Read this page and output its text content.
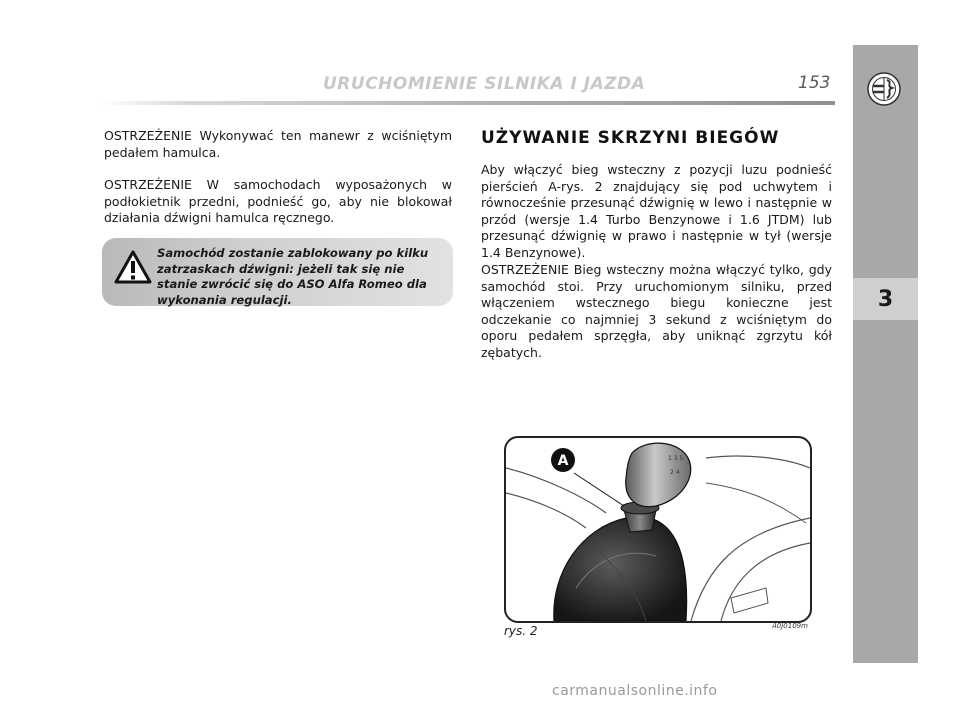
URUCHOMIENIE SILNIKA I JAZDA	153
3

OSTRZEŻENIE Wykonywać ten manewr z wciśniętym pedałem hamulca.

OSTRZEŻENIE W samochodach wyposażonych w podłokietnik przedni, podnieść go, aby nie blokował działania dźwigni hamulca ręcznego.

Samochód zostanie zablokowany po kilku zatrzaskach dźwigni: jeżeli tak się nie stanie zwrócić się do ASO Alfa Romeo dla wykonania regulacji.

UŻYWANIE SKRZYNI BIEGÓW

Aby włączyć bieg wsteczny z pozycji luzu podnieść pierścień A-rys. 2 znajdujący się pod uchwytem i równocześnie przesunąć dźwignię w lewo i następnie w przód (wersje 1.4 Turbo Benzynowe i 1.6 JTDM) lub przesunąć dźwignię w prawo i następnie w tył (wersje 1.4 Benzynowe).

OSTRZEŻENIE Bieg wsteczny można włączyć tylko, gdy samochód stoi. Przy uruchomionym silniku, przed włączeniem wstecznego biegu konieczne jest odczekanie co najmniej 3 sekund z wciśniętym do oporu pedałem sprzęgła, aby uniknąć zgrzytu kół zębatych.

1 3 5
2 4
A
rys. 2	A0J0109m
carmanualsonline.info
